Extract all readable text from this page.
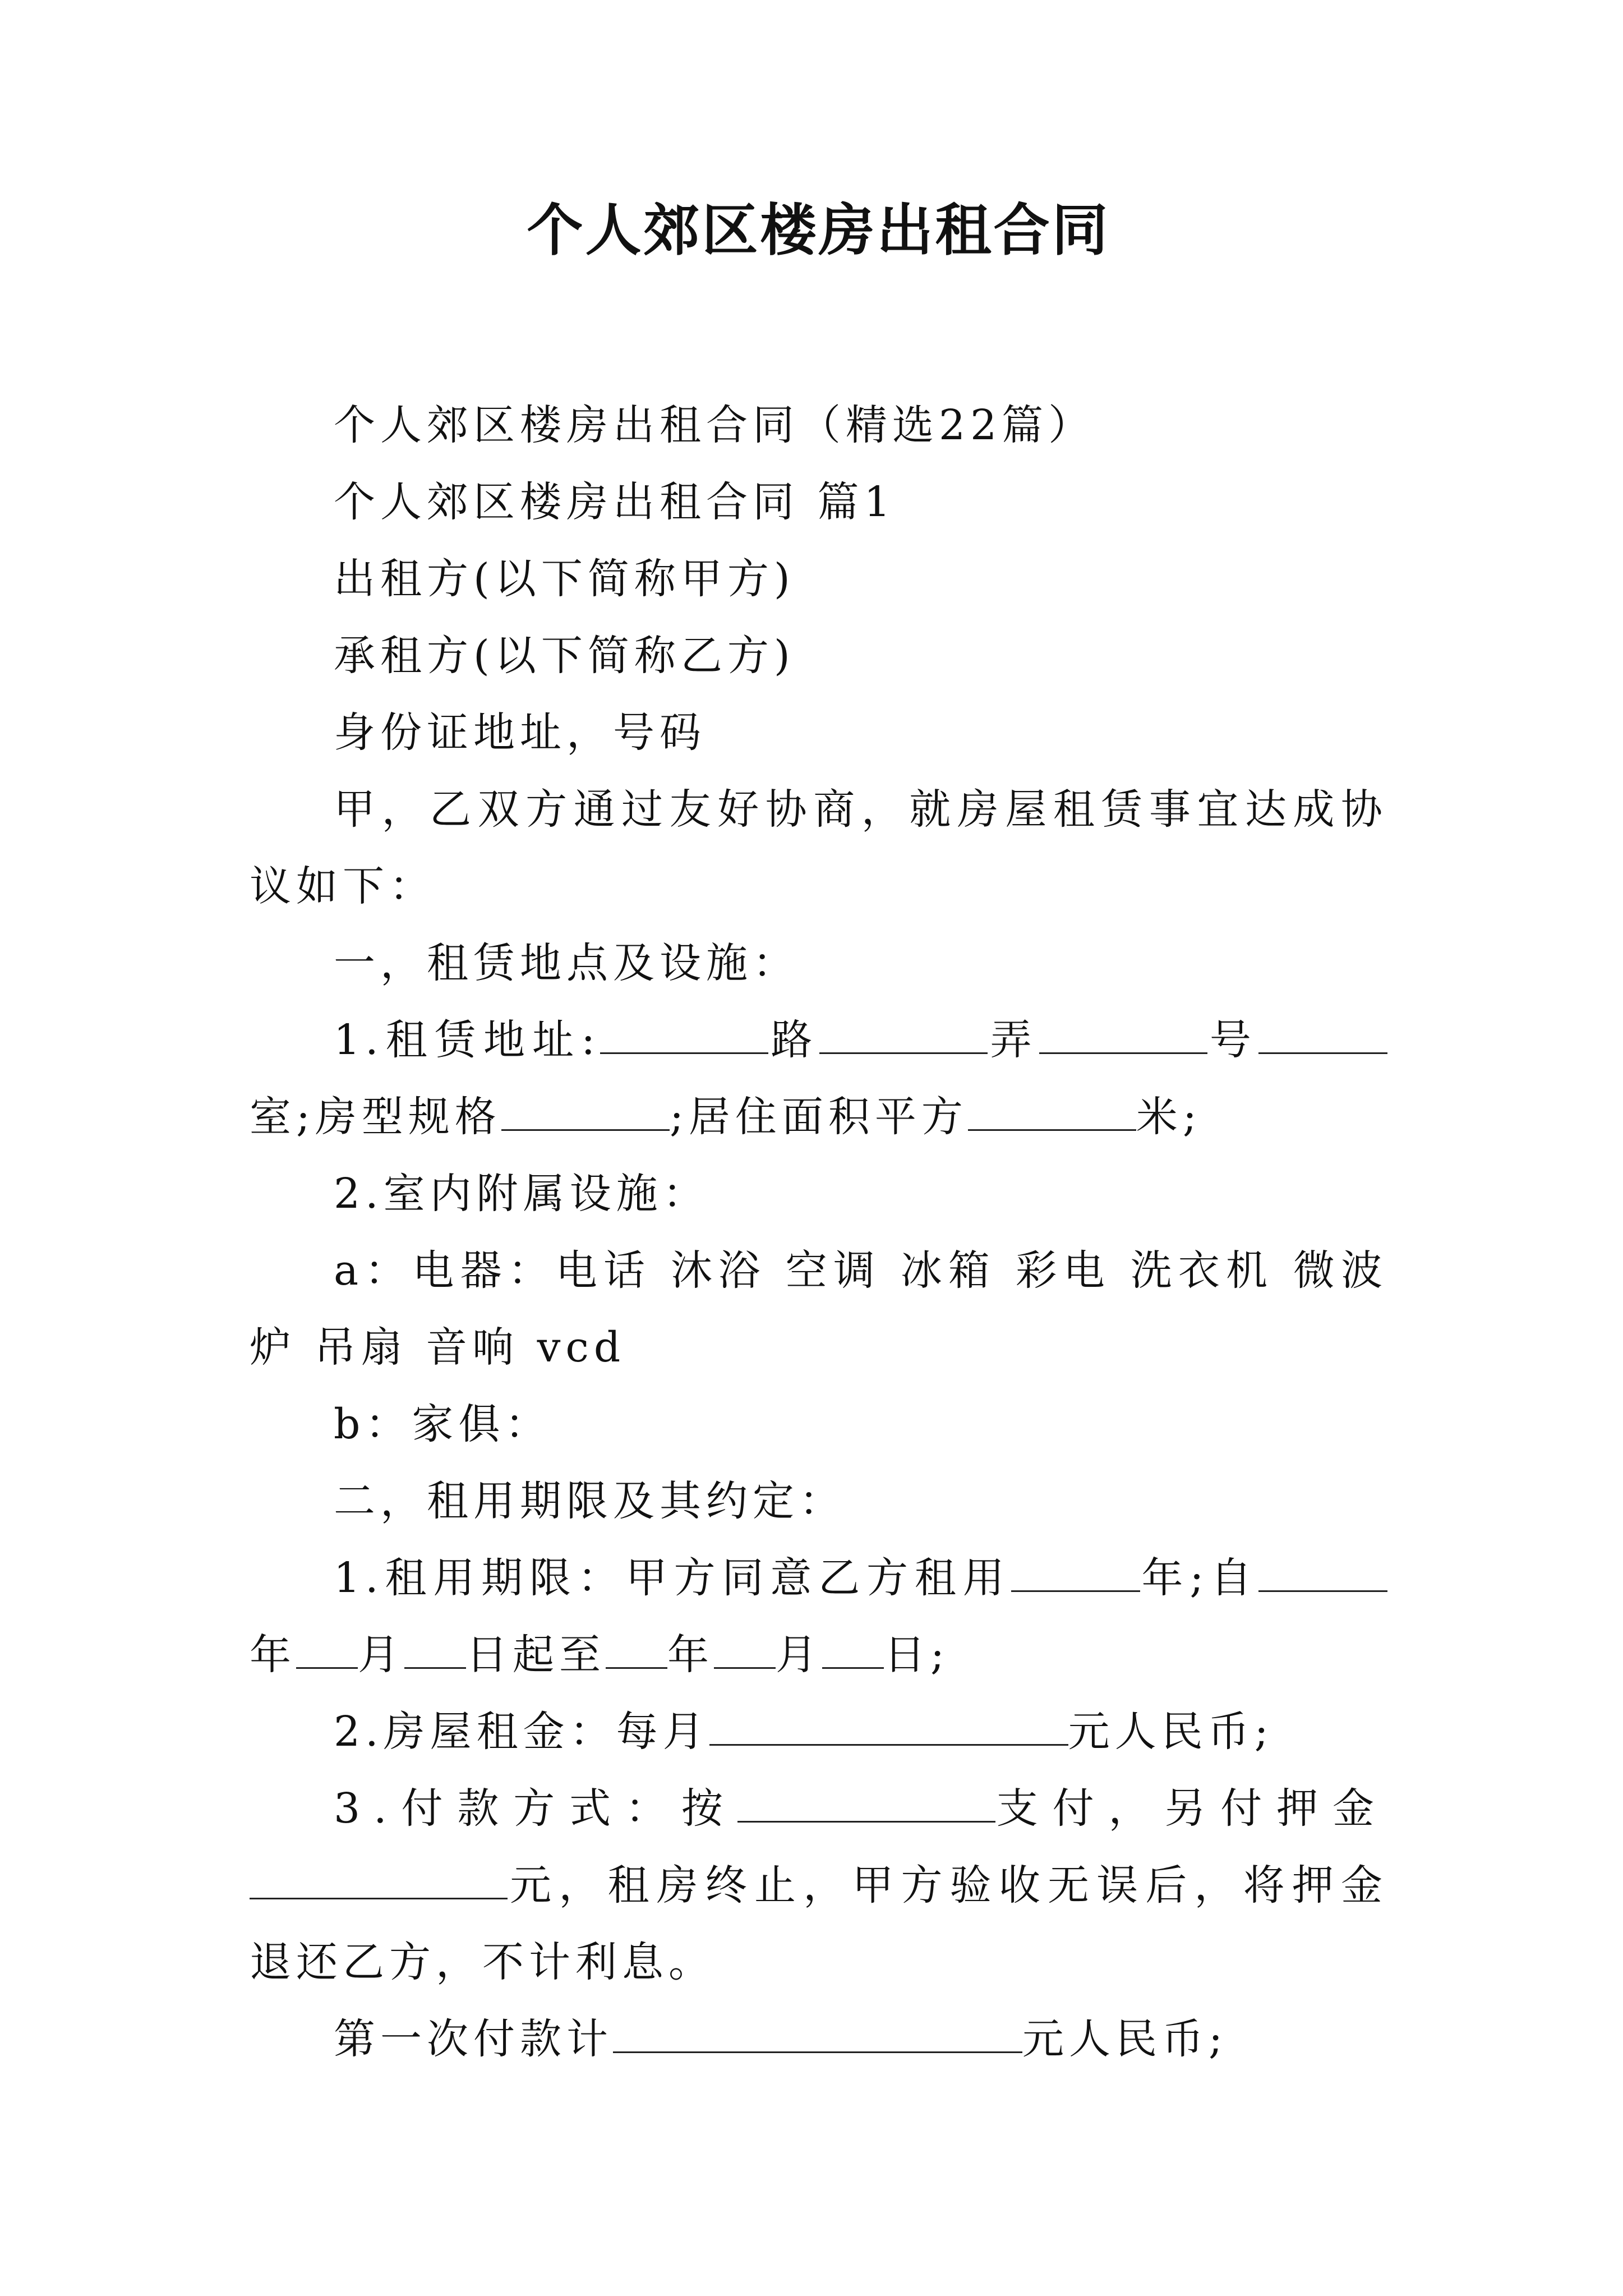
个人郊区楼房出租合同

个人郊区楼房出租合同（精选22篇）

个人郊区楼房出租合同 篇1

出租方(以下简称甲方)

承租方(以下简称乙方)

身份证地址，号码

甲，乙双方通过友好协商，就房屋租赁事宜达成协议如下：

一，租赁地点及设施：

1.租赁地址:	路	弄	号室;房型规格	;居住面积平方	米;

2.室内附属设施：

a：电器：电话 沐浴 空调 冰箱 彩电 洗衣机 微波炉 吊扇 音响 vcd

b：家俱：

二，租用期限及其约定：

1.租用期限：甲方同意乙方租用	年;自年 月 日起至 年 月 日;

2.房屋租金：每月	元人民币;

3.付款方式：按	支付，另付押金元，租房终止，甲方验收无误后，将押金退还乙方，不计利息。

第一次付款计	元人民币;
